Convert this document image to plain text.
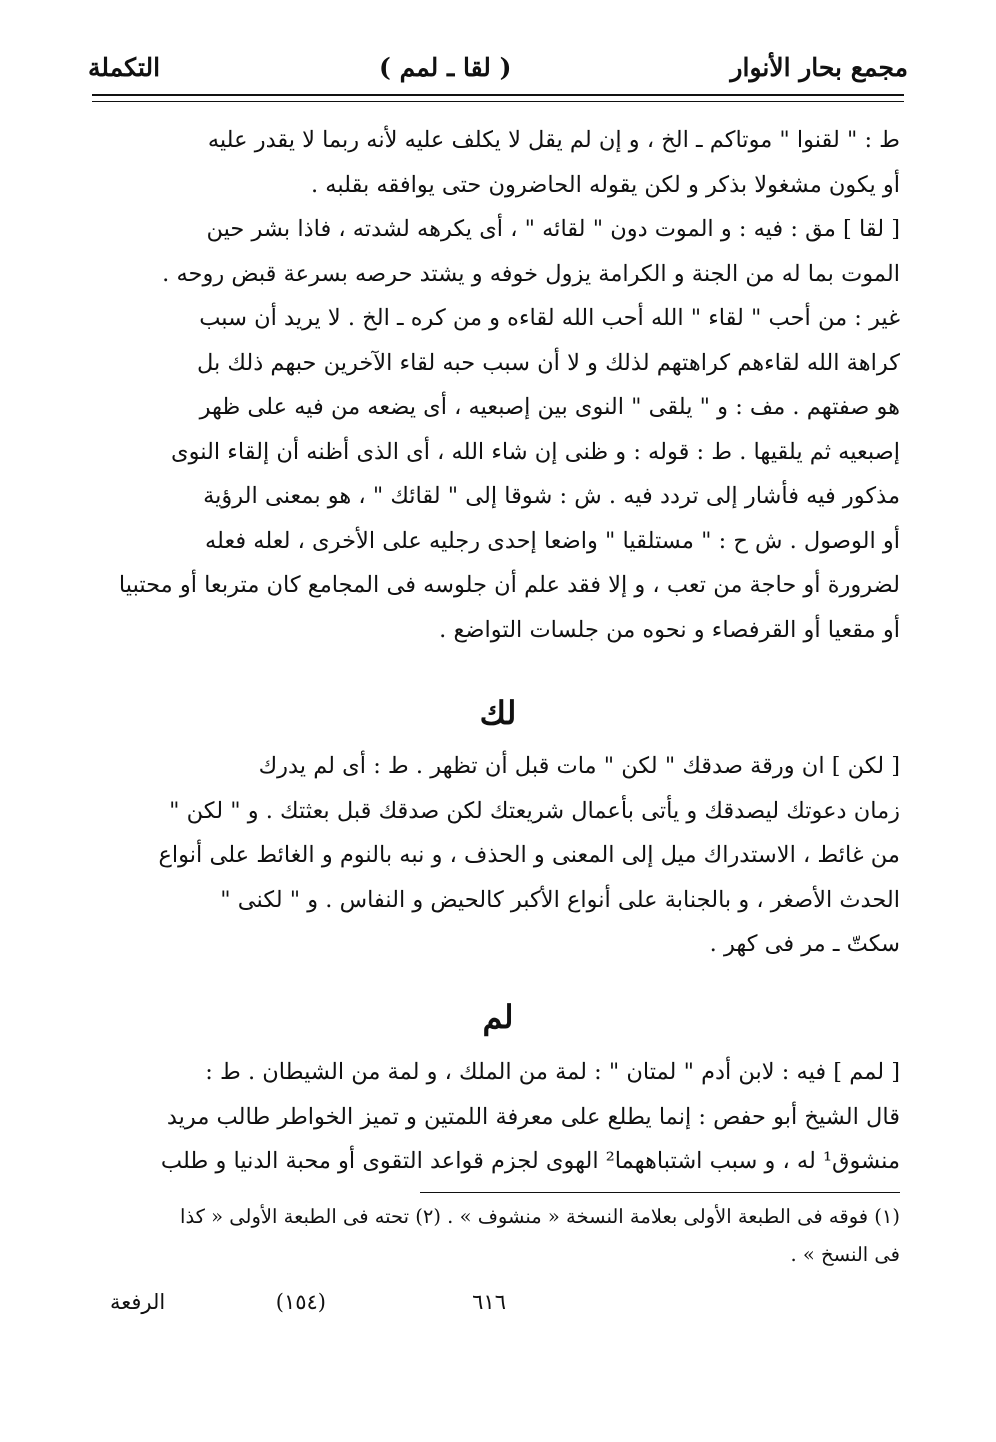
مجمع بحار الأنوار
( لقا ـ لمم )
التكملة
ط : " لقنوا " موتاكم ـ الخ ، و إن لم يقل لا يكلف عليه لأنه ربما لا يقدر عليه
أو يكون مشغولا بذكر و لكن يقوله الحاضرون حتى يوافقه بقلبه .
[ لقا ] مق : فيه : و الموت دون " لقائه " ، أى يكرهه لشدته ، فاذا بشر حين
الموت بما له من الجنة و الكرامة يزول خوفه و يشتد حرصه بسرعة قبض روحه .
غير : من أحب " لقاء " الله أحب الله لقاءه و من كره ـ الخ . لا يريد أن سبب
كراهة الله لقاءهم كراهتهم لذلك و لا أن سبب حبه لقاء الآخرين حبهم ذلك بل
هو صفتهم . مف : و " يلقى " النوى بين إصبعيه ، أى يضعه من فيه على ظهر
إصبعيه ثم يلقيها . ط : قوله : و ظنى إن شاء الله ، أى الذى أظنه أن إلقاء النوى
مذكور فيه فأشار إلى تردد فيه . ش : شوقا إلى " لقائك " ، هو بمعنى الرؤية
أو الوصول . ش ح : " مستلقيا " واضعا إحدى رجليه على الأخرى ، لعله فعله
لضرورة أو حاجة من تعب ، و إلا فقد علم أن جلوسه فى المجامع كان متربعا أو محتبيا
أو مقعيا أو القرفصاء و نحوه من جلسات التواضع .
لك
[ لكن ] ان ورقة صدقك " لكن " مات قبل أن تظهر . ط : أى لم يدرك
زمان دعوتك ليصدقك و يأتى بأعمال شريعتك لكن صدقك قبل بعثتك . و " لكن "
من غائط ، الاستدراك ميل إلى المعنى و الحذف ، و نبه بالنوم و الغائط على أنواع
الحدث الأصغر ، و بالجنابة على أنواع الأكبر كالحيض و النفاس . و " لكنى "
سكتّ ـ مر فى كهر .
لم
[ لمم ] فيه : لابن أدم " لمتان " : لمة من الملك ، و لمة من الشيطان . ط :
قال الشيخ أبو حفص : إنما يطلع على معرفة اللمتين و تميز الخواطر طالب مريد
منشوق¹ له ، و سبب اشتباههما² الهوى لجزم قواعد التقوى أو محبة الدنيا و طلب
(١) فوقه فى الطبعة الأولى بعلامة النسخة « منشوف » . (٢) تحته فى الطبعة الأولى « كذا
فى النسخ » .
٦١٦
(١٥٤)
الرفعة
